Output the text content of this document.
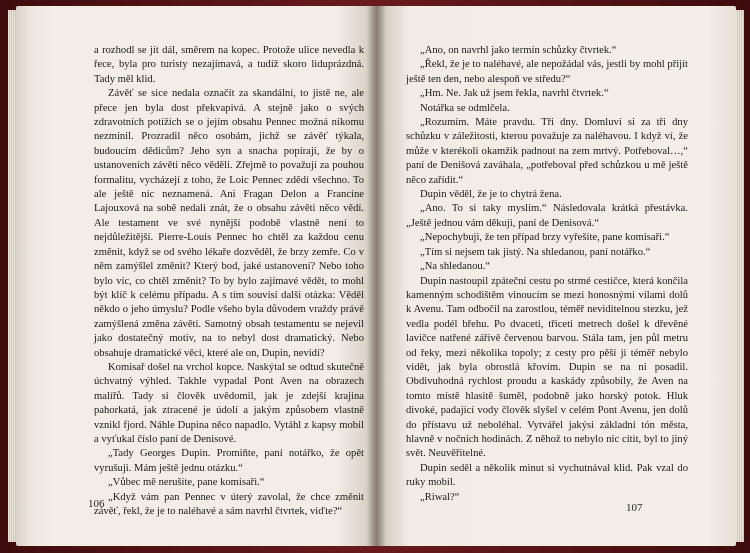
a rozhodl se jít dál, směrem na kopec. Protože ulice nevedla k řece, byla pro turisty nezajímavá, a tudíž skoro liduprázdná. Tady měl klid.

Závěť se sice nedala označit za skandální, to jistě ne, ale přece jen byla dost překvapivá. A stejně jako o svých zdravotních potížích se o jejím obsahu Pennec možná nikomu nezmínil. Prozradil něco osobám, jichž se závěť týkala, budoucím dědicům? Jeho syn a snacha popírají, že by o ustanoveních závěti něco věděli. Zřejmě to považují za pouhou formalitu, vycházejí z toho, že Loic Pennec zdědí všechno. To ale ještě nic neznamená. Ani Fragan Delon a Francine Lajouxová na sobě nedali znát, že o obsahu závěti něco vědí. Ale testament ve své nynější podobě vlastně není to nejdůležitější. Pierre-Louis Pennec ho chtěl za každou cenu změnit, když se od svého lékaře dozvěděl, že brzy zemře. Co v něm zamýšlel změnit? Který bod, jaké ustanovení? Nebo toho bylo víc, co chtěl změnit? To by bylo zajímavé vědět, to mohl být klíč k celému případu. A s tím souvisí další otázka: Věděl někdo o jeho úmyslu? Podle všeho byla důvodem vraždy právě zamýšlená změna závěti. Samotný obsah testamentu se nejevil jako dostatečný motiv, na to nebyl dost dramatický. Nebo obsahuje dramatické věci, které ale on, Dupin, nevidí?

Komisař došel na vrchol kopce. Naskýtal se odtud skutečně úchvatný výhled. Takhle vypadal Pont Aven na obrazech malířů. Tady si člověk uvědomil, jak je zdejší krajina pahorkatá, jak ztracené je údolí a jakým způsobem vlastně vznikl fjord. Náhle Dupina něco napadlo. Vytáhl z kapsy mobil a vyťukal číslo paní de Denisové.

„Tady Georges Dupin. Promiňte, paní notářko, že opět vyrušuji. Mám ještě jednu otázku.“

„Vůbec mě nerušíte, pane komisaři.“

„Když vám pan Pennec v úterý zavolal, že chce změnit závěť, řekl, že je to naléhavé a sám navrhl čtvrtek, viďte?“

106

„Ano, on navrhl jako termín schůzky čtvrtek.“

„Řekl, že je to naléhavé, ale nepožádal vás, jestli by mohl přijít ještě ten den, nebo alespoň ve středu?“

„Hm. Ne. Jak už jsem řekla, navrhl čtvrtek.“

Notářka se odmlčela.

„Rozumím. Máte pravdu. Tři dny. Domluví si za tři dny schůzku v záležitosti, kterou považuje za naléhavou. I když ví, že může v kterékoli okamžik padnout na zem mrtvý. Potřeboval…,“ paní de Denišová zaváhala, „potřeboval před schůzkou u mě ještě něco zařídit.“

Dupin věděl, že je to chytrá žena.

„Ano. To si taky myslím.“ Následovala krátká přestávka. „Ještě jednou vám děkuji, paní de Denisová.“

„Nepochybuji, že ten případ brzy vyřešíte, pane komisaři.“

„Tím si nejsem tak jistý. Na shledanou, paní notářko.“

„Na shledanou.“

Dupin nastoupil zpáteční cestu po strmé cestičce, která končila kamenným schodištěm vinoucím se mezi honosnými vilami dolů k Avenu. Tam odbočil na zarostlou, téměř neviditelnou stezku, jež vedla podél břehu. Po dvaceti, třiceti metrech došel k dřevěné lavičce natřené zářivě červenou barvou. Stála tam, jen půl metru od řeky, mezi několika topoly; z cesty pro pěší ji téměř nebylo vidět, jak byla obrostlá křovím. Dupin se na ni posadil. Obdivuhodná rychlost proudu a kaskády způsobily, že Aven na tomto místě hlasitě šuměl, podobně jako horský potok. Hluk divoké, padající vody člověk slyšel v celém Pont Avenu, jen dolů do přístavu už neboléhal. Vytvářel jakýsi základní tón města, hlavně v nočních hodinách. Z něhož to nebylo nic cítit, byl to jiný svět. Neuvěřitelné.

Dupin seděl a několik minut si vychutnával klid. Pak vzal do ruky mobil.

„Riwal?“

107
